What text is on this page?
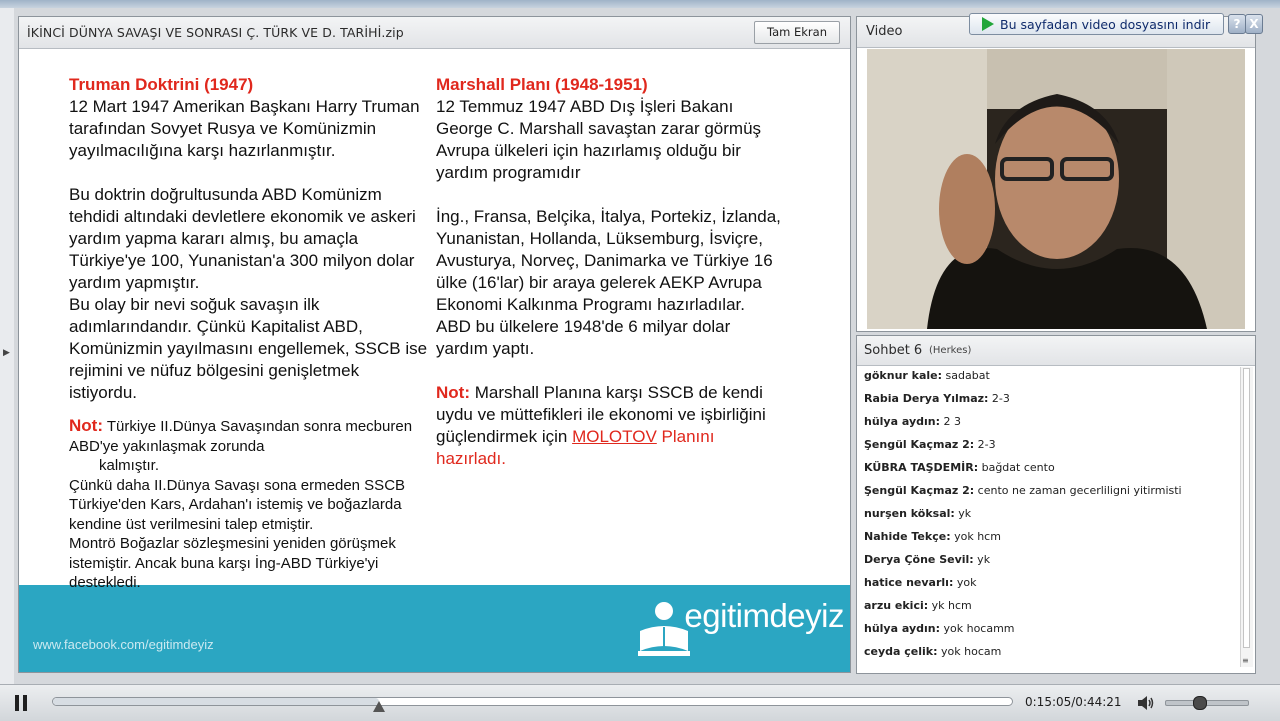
▶
İKİNCİ DÜNYA SAVAŞI VE SONRASI Ç. TÜRK VE D. TARİHİ.zip	Tam Ekran
www.facebook.com/egitimdeyiz
egitimdeyiz

Truman Doktrini (1947)

12 Mart 1947 Amerikan Başkanı Harry Truman tarafından Sovyet Rusya ve Komünizmin yayılmacılığına karşı hazırlanmıştır.

Bu doktrin doğrultusunda ABD Komünizm tehdidi altındaki devletlere ekonomik ve askeri yardım yapma kararı almış, bu amaçla Türkiye'ye 100, Yunanistan'a 300 milyon dolar yardım yapmıştır.

Bu olay bir nevi soğuk savaşın ilk adımlarındandır. Çünkü Kapitalist ABD, Komünizmin yayılmasını engellemek, SSCB ise rejimini ve nüfuz bölgesini genişletmek istiyordu.

Not: Türkiye II.Dünya Savaşından sonra mecburen ABD'ye yakınlaşmak zorunda

kalmıştır.

Çünkü daha II.Dünya Savaşı sona ermeden SSCB Türkiye'den Kars, Ardahan'ı istemiş ve boğazlarda kendine üst verilmesini talep etmiştir.

Montrö Boğazlar sözleşmesini yeniden görüşmek istemiştir. Ancak buna karşı İng-ABD Türkiye'yi destekledi.

Marshall Planı (1948-1951)

12 Temmuz 1947 ABD Dış İşleri Bakanı George C. Marshall savaştan zarar görmüş Avrupa ülkeleri için hazırlamış olduğu bir yardım programıdır

İng., Fransa, Belçika, İtalya, Portekiz, İzlanda, Yunanistan, Hollanda, Lüksemburg, İsviçre, Avusturya, Norveç, Danimarka ve Türkiye 16 ülke (16'lar) bir araya gelerek AEKP Avrupa Ekonomi Kalkınma Programı hazırladılar. ABD bu ülkelere 1948'de 6 milyar dolar yardım yaptı.

Not: Marshall Planına karşı SSCB de kendi uydu ve müttefikleri ile ekonomi ve işbirliğini güçlendirmek için MOLOTOV Planını hazırladı.

Video	Bu sayfadan video dosyasını indir	? X
Sohbet 6 (Herkes)
göknur kale: sadabat
Rabia Derya Yılmaz: 2-3
hülya aydın: 2 3
Şengül Kaçmaz 2: 2-3
KÜBRA TAŞDEMİR: bağdat cento
Şengül Kaçmaz 2: cento ne zaman gecerliligni yitirmisti
nurşen köksal: yk
Nahide Tekçe: yok hcm
Derya Çöne Sevil: yk
hatice nevarlı: yok
arzu ekici: yk hcm
hülya aydın: yok hocamm
ceyda çelik: yok hocam
≡
0:15:05/0:44:21
